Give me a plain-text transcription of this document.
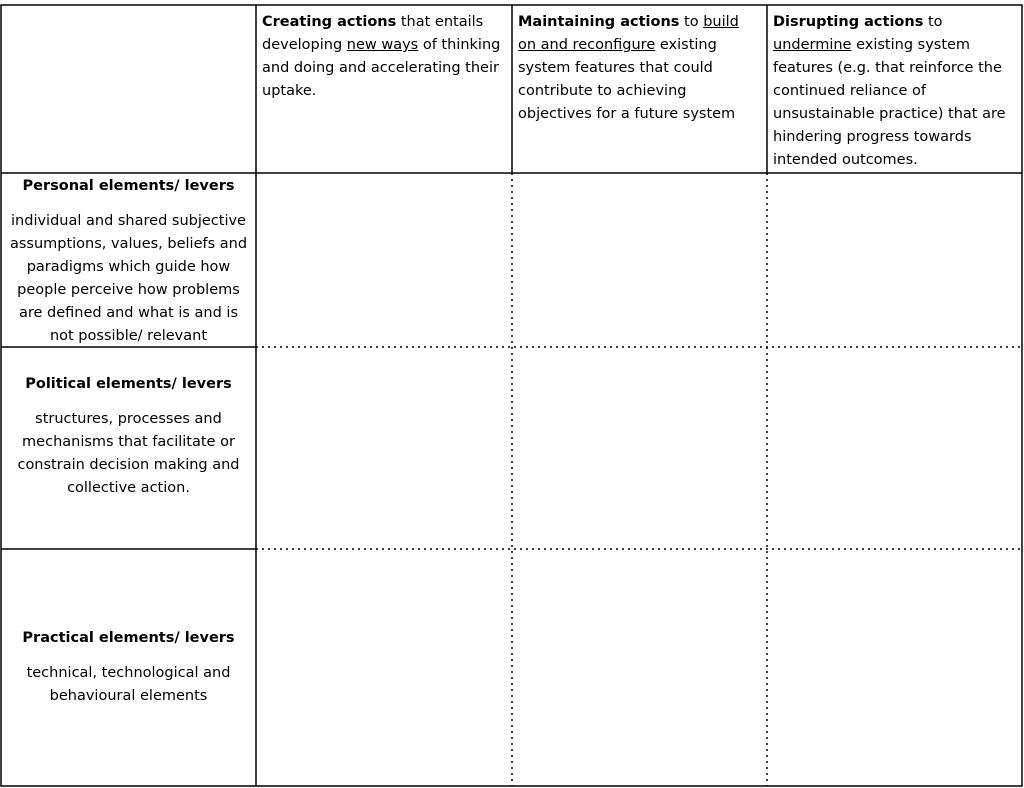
Creating actions that entails developing new ways of thinking and doing and accelerating their uptake.
Maintaining actions to build on and reconfigure existing system features that could contribute to achieving objectives for a future system
Disrupting actions to undermine existing system features (e.g. that reinforce the continued reliance of unsustainable practice) that are hindering progress towards intended outcomes.
Personal elements/ levers
individual and shared subjective assumptions, values, beliefs and paradigms which guide how people perceive how problems are defined and what is and is not possible/ relevant
Political elements/ levers
structures, processes and mechanisms that facilitate or constrain decision making and collective action.
Practical elements/ levers
technical, technological and behavioural elements
